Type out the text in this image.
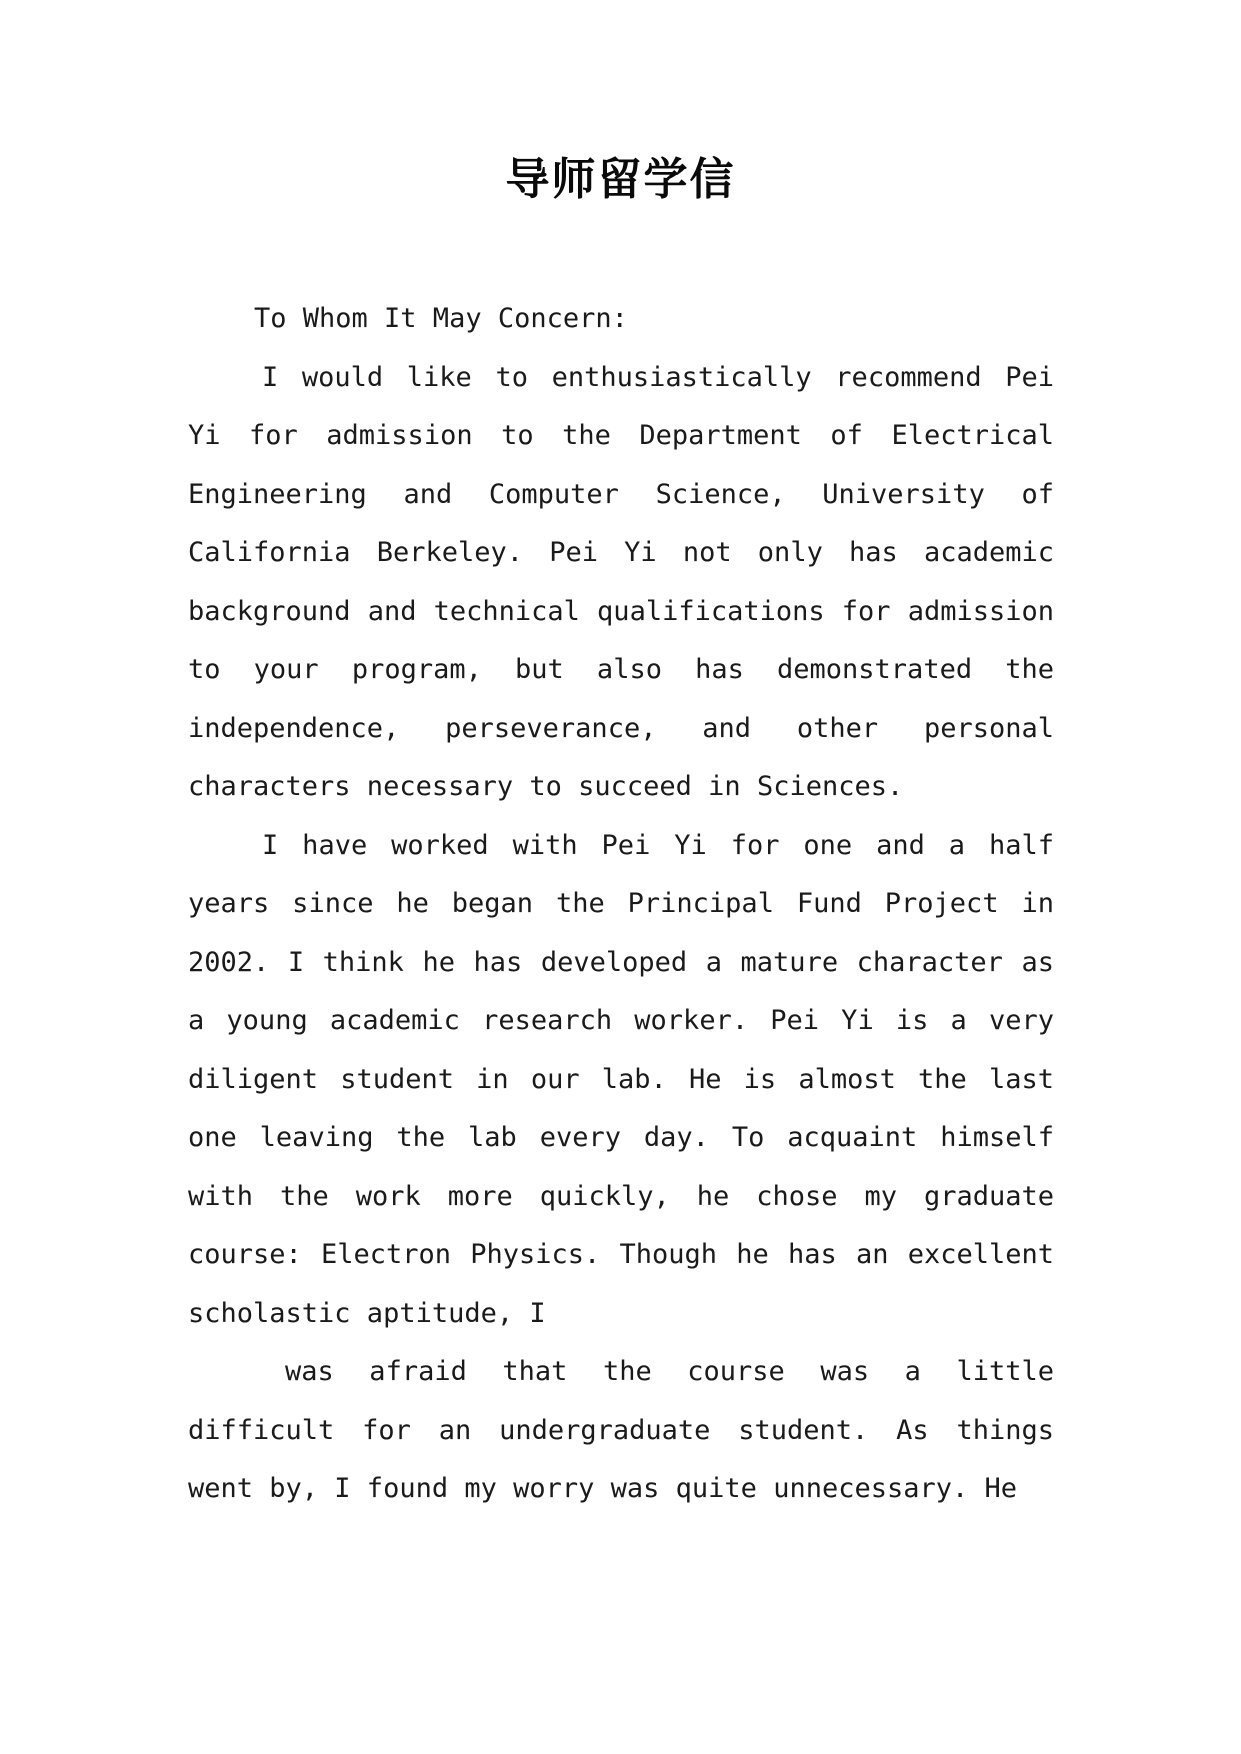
导师留学信

To Whom It May Concern:

I would like to enthusiastically recommend Pei Yi for admission to the Department of Electrical Engineering and Computer Science, University of California Berkeley. Pei Yi not only has academic background and technical qualifications for admission to your program, but also has demonstrated the independence, perseverance, and other personal characters necessary to succeed in Sciences.

I have worked with Pei Yi for one and a half years since he began the Principal Fund Project in 2002. I think he has developed a mature character as a young academic research worker. Pei Yi is a very diligent student in our lab. He is almost the last one leaving the lab every day. To acquaint himself with the work more quickly, he chose my graduate course: Electron Physics. Though he has an excellent scholastic aptitude, I

was afraid that the course was a little difficult for an undergraduate student. As things went by, I found my worry was quite unnecessary. He
